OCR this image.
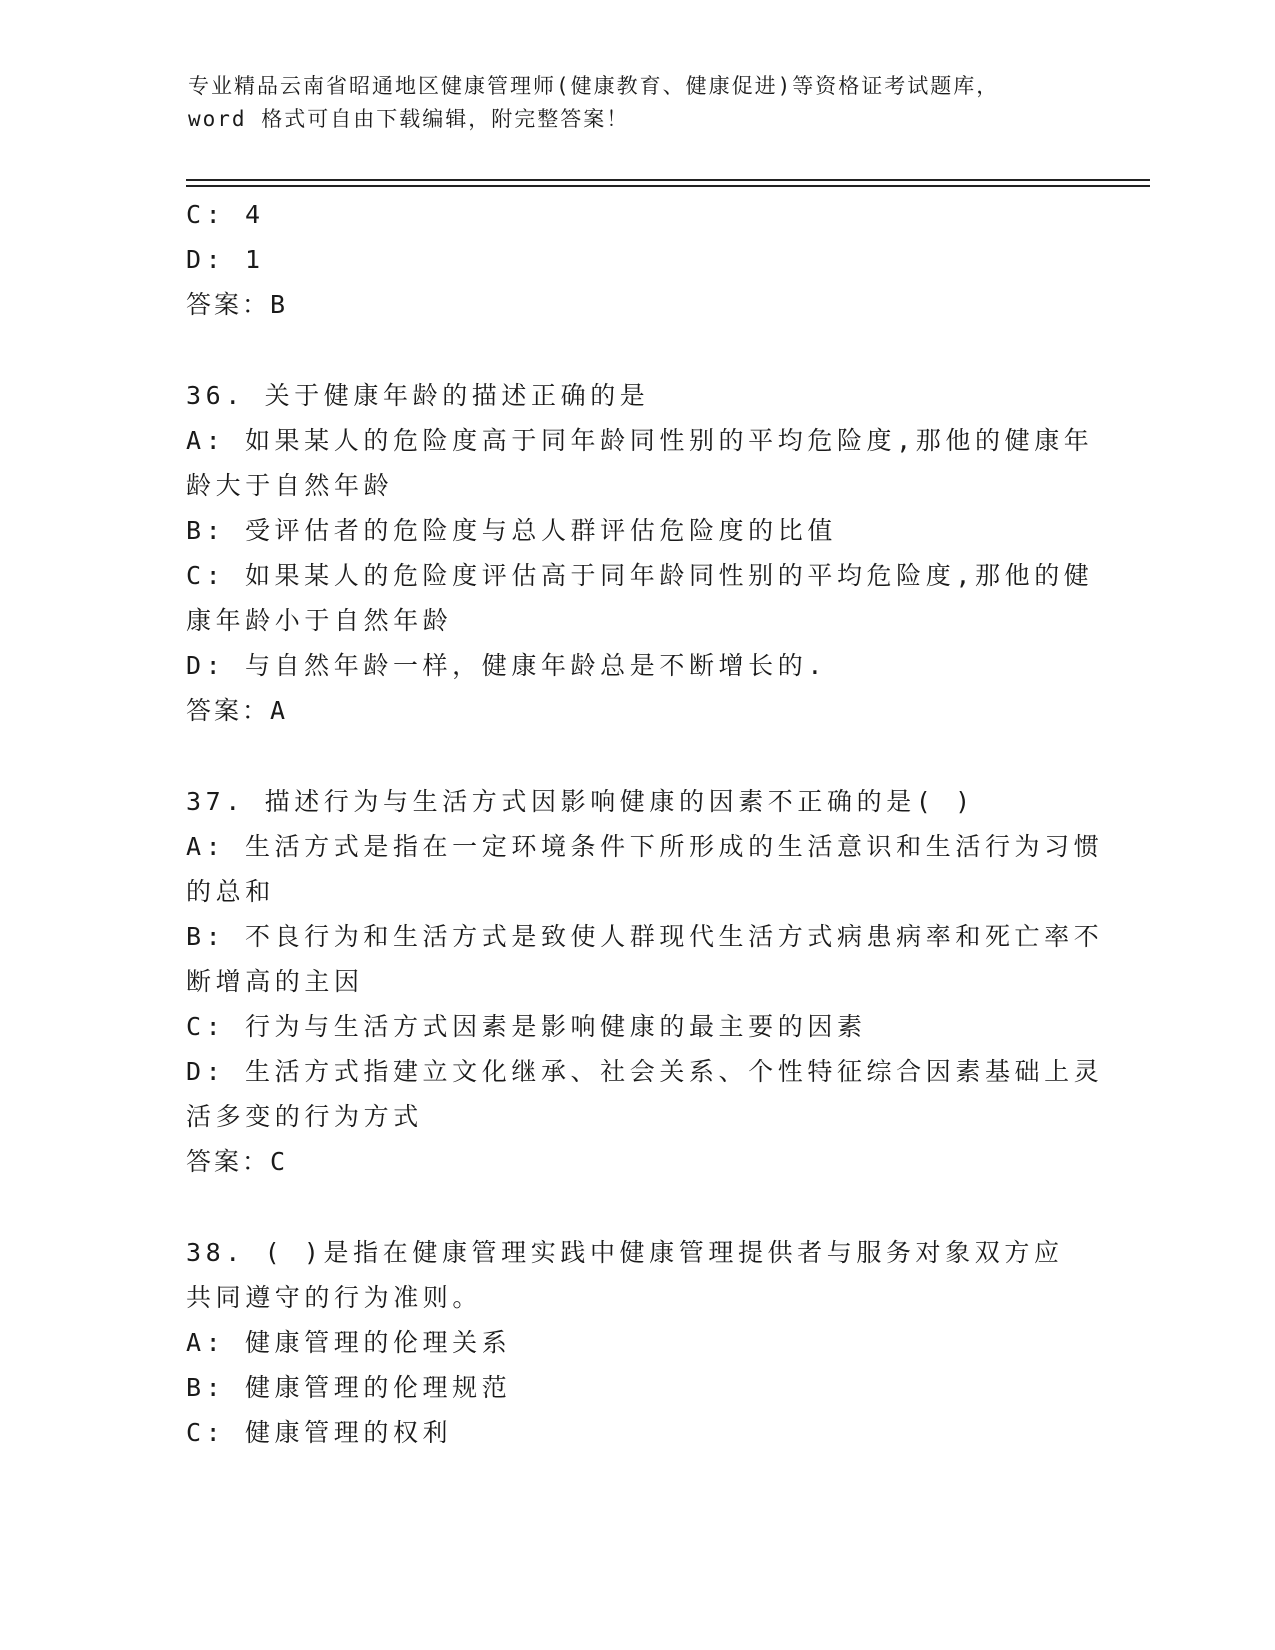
专业精品云南省昭通地区健康管理师(健康教育、健康促进)等资格证考试题库，
word 格式可自由下载编辑，附完整答案！
C: 4
D: 1
答案：B
36. 关于健康年龄的描述正确的是
A: 如果某人的危险度高于同年龄同性别的平均危险度,那他的健康年
龄大于自然年龄
B: 受评估者的危险度与总人群评估危险度的比值
C: 如果某人的危险度评估高于同年龄同性别的平均危险度,那他的健
康年龄小于自然年龄
D: 与自然年龄一样，健康年龄总是不断增长的.
答案：A
37. 描述行为与生活方式因影响健康的因素不正确的是( )
A: 生活方式是指在一定环境条件下所形成的生活意识和生活行为习惯
的总和
B: 不良行为和生活方式是致使人群现代生活方式病患病率和死亡率不
断增高的主因
C: 行为与生活方式因素是影响健康的最主要的因素
D: 生活方式指建立文化继承、社会关系、个性特征综合因素基础上灵
活多变的行为方式
答案：C
38. ( )是指在健康管理实践中健康管理提供者与服务对象双方应
共同遵守的行为准则。
A: 健康管理的伦理关系
B: 健康管理的伦理规范
C: 健康管理的权利
